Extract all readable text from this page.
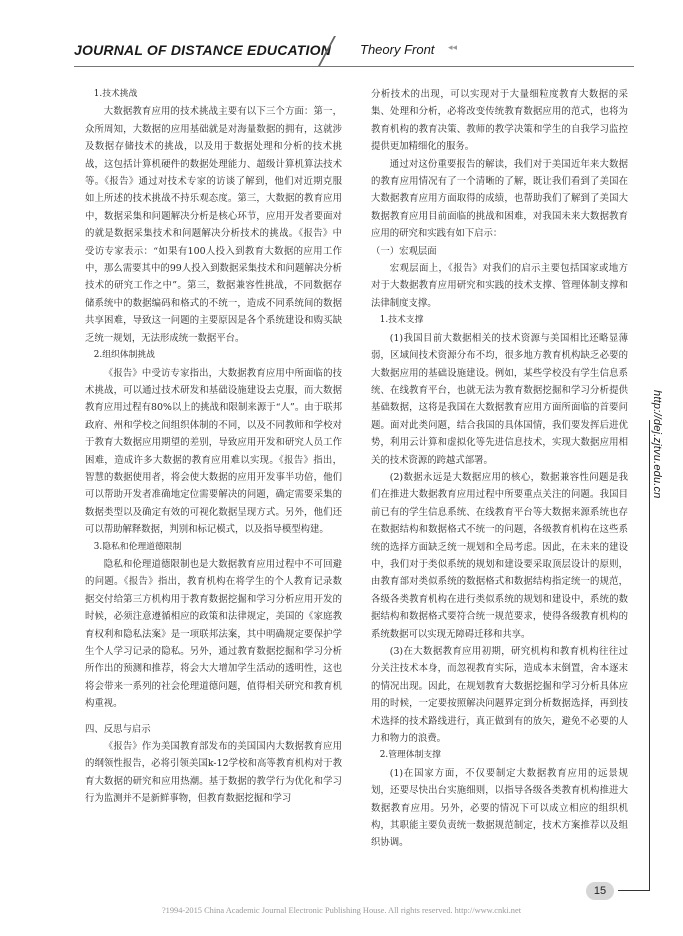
JOURNAL OF DISTANCE EDUCATION Theory Front ◂◂
1.技术挑战

大数据教育应用的技术挑战主要有以下三个方面：第一，众所周知，大数据的应用基础就是对海量数据的拥有，这就涉及数据存储技术的挑战，以及用于数据处理和分析的技术挑战，这包括计算机硬件的数据处理能力、超级计算机算法技术等。《报告》通过对技术专家的访谈了解到，他们对近期克服如上所述的技术挑战不持乐观态度。第三，大数据的教育应用中，数据采集和问题解决分析是核心环节，应用开发者要面对的就是数据采集技术和问题解决分析技术的挑战。《报告》中受访专家表示：“如果有100人投入到教育大数据的应用工作中，那么需要其中的99人投入到数据采集技术和问题解决分析技术的研究工作之中”。第三，数据兼容性挑战，不同数据存储系统中的数据编码和格式的不统一，造成不同系统间的数据共享困难，导致这一问题的主要原因是各个系统建设和购买缺乏统一规划，无法形成统一数据平台。

2.组织体制挑战

《报告》中受访专家指出，大数据教育应用中所面临的技术挑战，可以通过技术研发和基础设施建设去克服，而大数据教育应用过程有80%以上的挑战和限制来源于“人”。由于联邦政府、州和学校之间组织体制的不同，以及不同教师和学校对于教育大数据应用期望的差别，导致应用开发和研究人员工作困难，造成许多大数据的教育应用难以实现。《报告》指出，智慧的数据使用者，将会使大数据的应用开发事半功倍，他们可以帮助开发者准确地定位需要解决的问题，确定需要采集的数据类型以及确定有效的可视化数据呈现方式。另外，他们还可以帮助解释数据，判别和标记模式，以及指导模型构建。

3.隐私和伦理道德限制

隐私和伦理道德限制也是大数据教育应用过程中不可回避的问题。《报告》指出，教育机构在将学生的个人教育记录数据交付给第三方机构用于教育数据挖掘和学习分析应用开发的时候，必须注意遵循相应的政策和法律规定，美国的《家庭教育权利和隐私法案》是一项联邦法案，其中明确规定要保护学生个人学习记录的隐私。另外，通过教育数据挖掘和学习分析所作出的预测和推荐，将会大大增加学生活动的透明性，这也将会带来一系列的社会伦理道德问题，值得相关研究和教育机构重视。

四、反思与启示

《报告》作为美国教育部发布的美国国内大数据教育应用的纲领性报告，必将引领美国k-12学校和高等教育机构对于教育大数据的研究和应用热潮。基于数据的教学行为优化和学习行为监测并不是新鲜事物，但教育数据挖掘和学习

分析技术的出现，可以实现对于大量细粒度教育大数据的采集、处理和分析，必将改变传统教育数据应用的范式，也将为教育机构的教育决策、教师的教学决策和学生的自我学习监控提供更加精细化的服务。

通过对这份重要报告的解读，我们对于美国近年来大数据的教育应用情况有了一个清晰的了解，既让我们看到了美国在大数据教育应用方面取得的成绩，也帮助我们了解到了美国大数据教育应用目前面临的挑战和困难，对我国未来大数据教育应用的研究和实践有如下启示：

（一）宏观层面

宏观层面上，《报告》对我们的启示主要包括国家或地方对于大数据教育应用研究和实践的技术支撑、管理体制支撑和法律制度支撑。

1.技术支撑

(1)我国目前大数据相关的技术资源与美国相比还略显薄弱，区域间技术资源分布不均，很多地方教育机构缺乏必要的大数据应用的基础设施建设。例如，某些学校没有学生信息系统、在线教育平台，也就无法为教育数据挖掘和学习分析提供基础数据，这将是我国在大数据教育应用方面所面临的首要问题。面对此类问题，结合我国的具体国情，我们要发挥后进优势，利用云计算和虚拟化等先进信息技术，实现大数据应用相关的技术资源的跨越式部署。

(2)数据永远是大数据应用的核心，数据兼容性问题是我们在推进大数据教育应用过程中所要重点关注的问题。我国目前已有的学生信息系统、在线教育平台等大数据来源系统也存在数据结构和数据格式不统一的问题，各级教育机构在这些系统的选择方面缺乏统一规划和全局考虑。因此，在未来的建设中，我们对于类似系统的规划和建设要采取顶层设计的原则，由教育部对类似系统的数据格式和数据结构指定统一的规范，各级各类教育机构在进行类似系统的规划和建设中，系统的数据结构和数据格式要符合统一规范要求，使得各级教育机构的系统数据可以实现无障碍迁移和共享。

(3)在大数据教育应用初期，研究机构和教育机构往往过分关注技术本身，而忽视教育实际，造成本末倒置，舍本逐末的情况出现。因此，在规划教育大数据挖掘和学习分析具体应用的时候，一定要按照解决问题界定到分析数据选择，再到技术选择的技术路线进行，真正做到有的放矢，避免不必要的人力和物力的浪费。

2.管理体制支撑

(1)在国家方面，不仅要制定大数据教育应用的远景规划，还要尽快出台实施细则，以指导各级各类教育机构推进大数据教育应用。另外，必要的情况下可以成立相应的组织机构，其职能主要负责统一数据规范制定，技术方案推荐以及组织协调。

http://dej.zjtvu.edu.cn
15
?1994-2015 China Academic Journal Electronic Publishing House. All rights reserved. http://www.cnki.net
